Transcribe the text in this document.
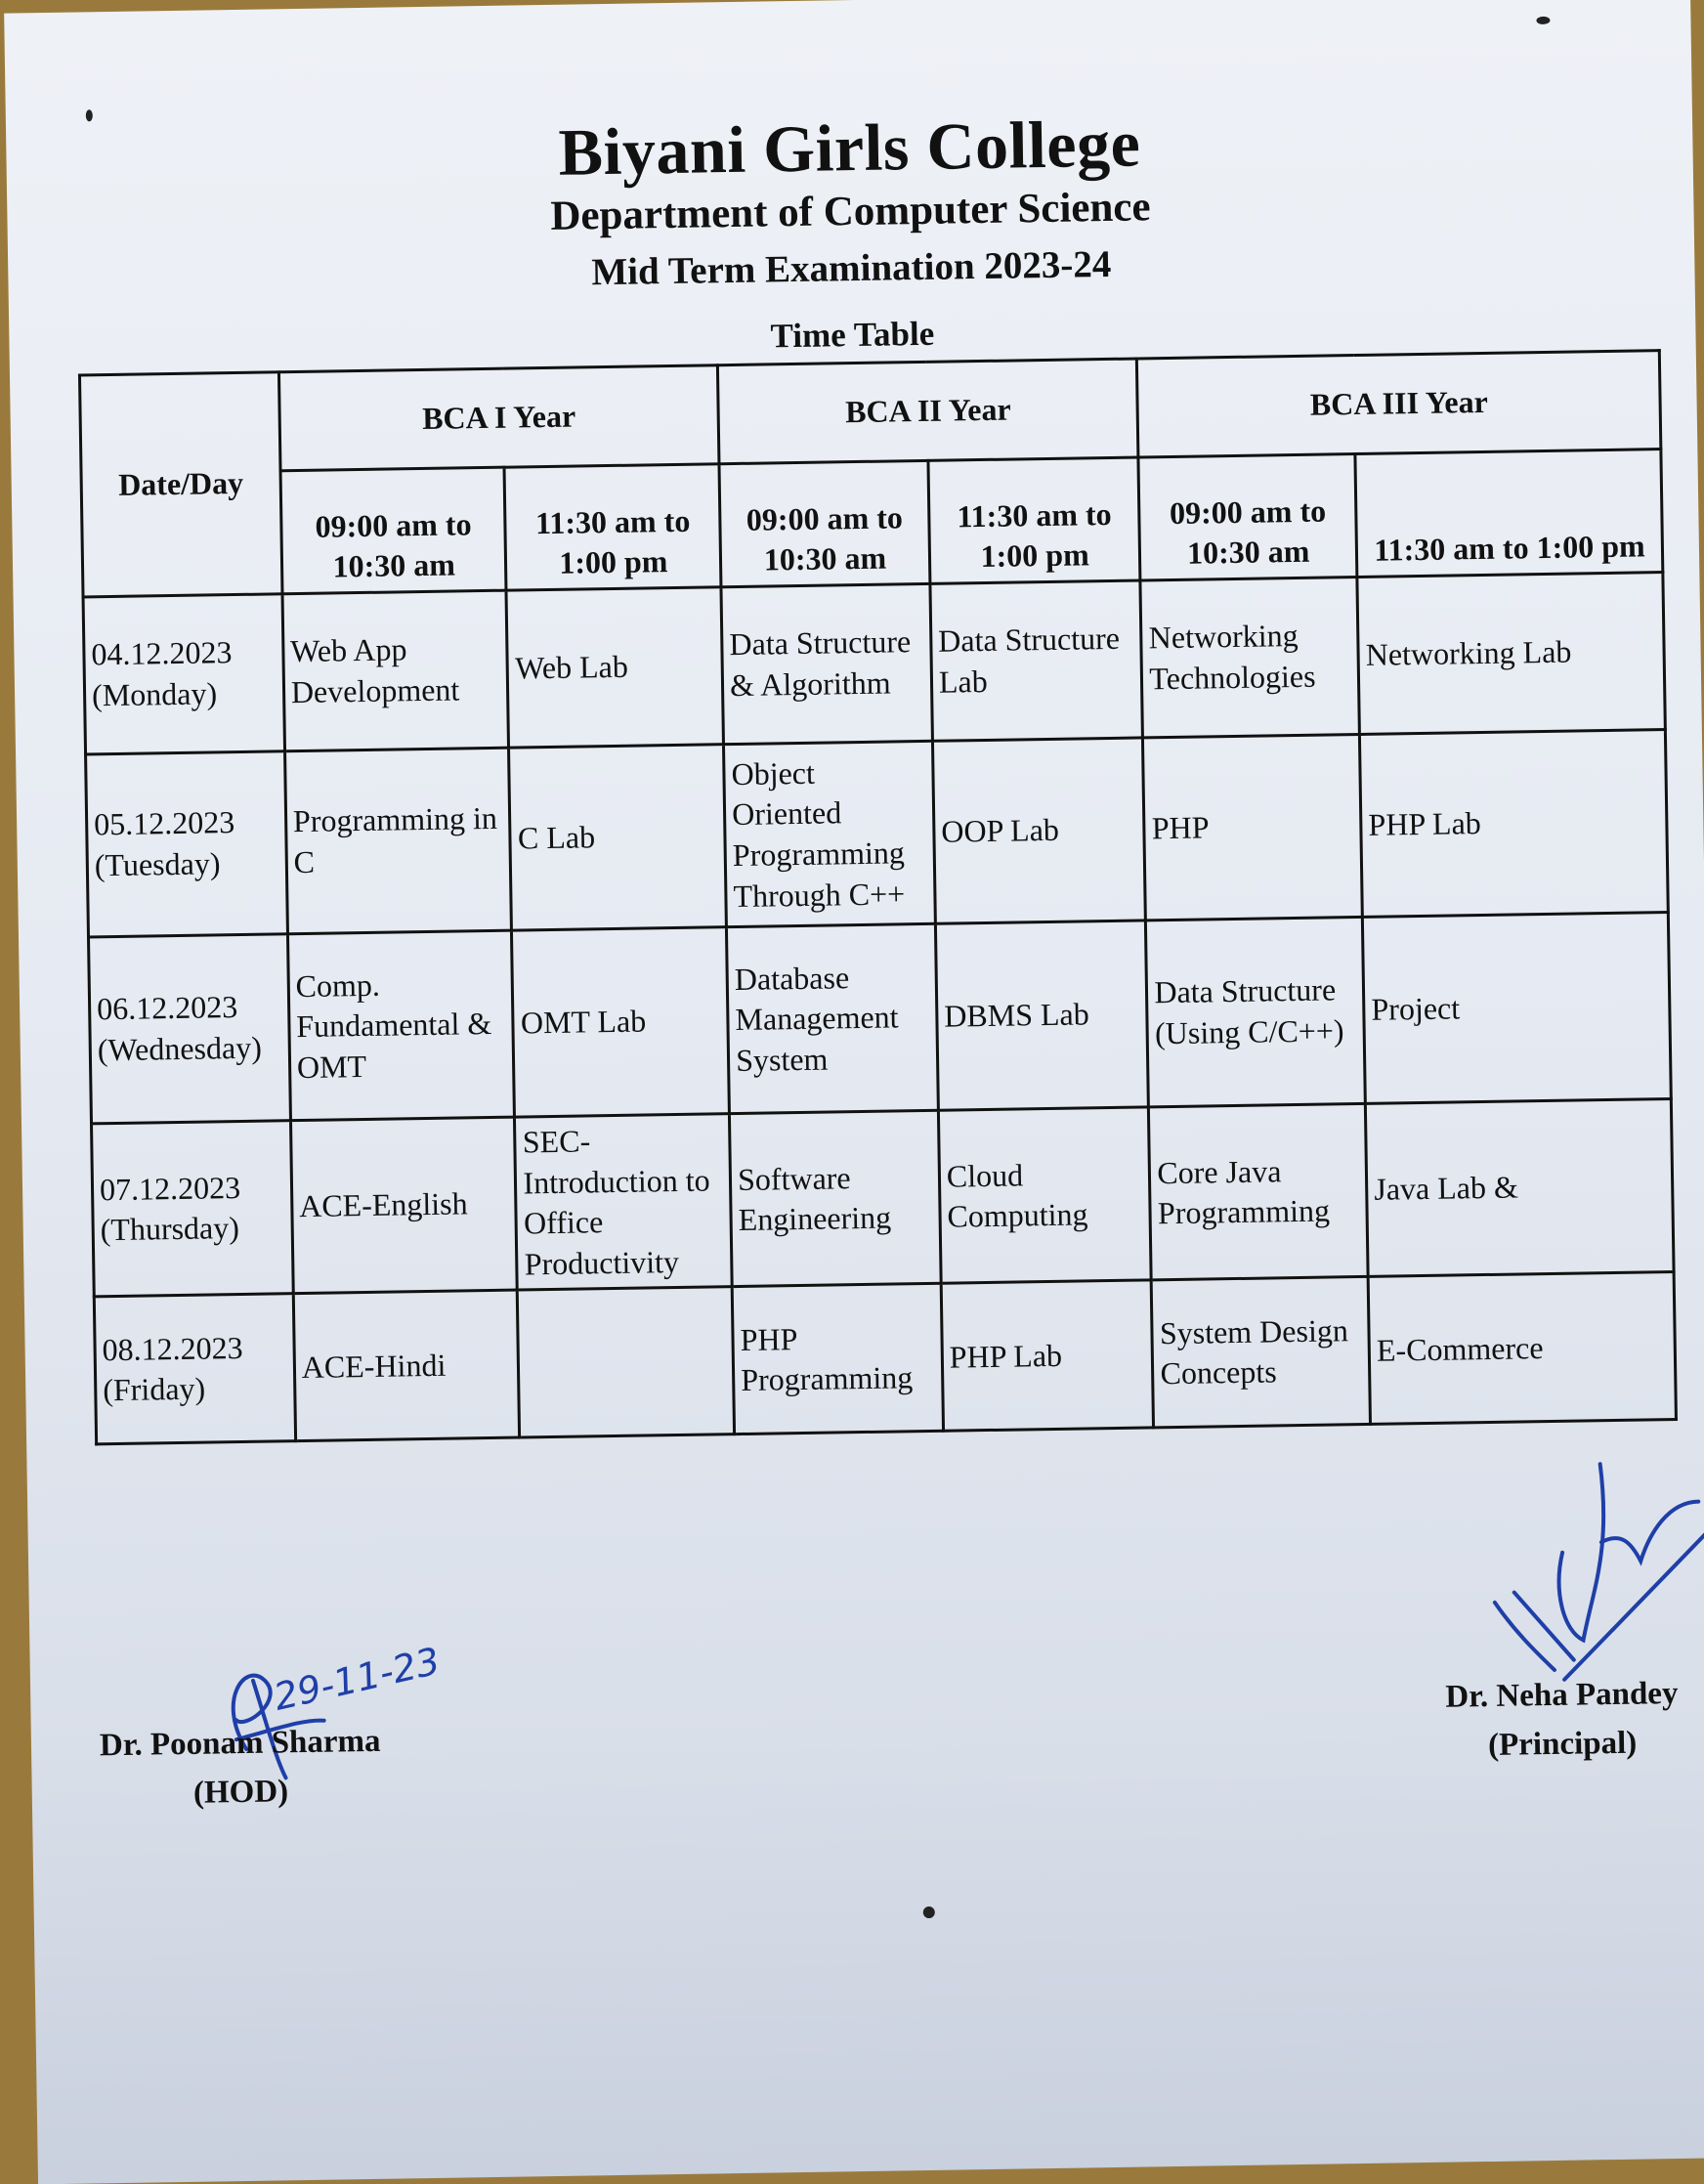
Biyani Girls College
Department of Computer Science
Mid Term Examination 2023-24
Time Table
Date/Day	BCA I Year		BCA II Year		BCA III Year	
	09:00 am to 10:30 am	11:30 am to 1:00 pm	09:00 am to 10:30 am	11:30 am to 1:00 pm	09:00 am to 10:30 am	11:30 am to 1:00 pm
04.12.2023
(Monday)	Web App Development	Web Lab	Data Structure & Algorithm	Data Structure Lab	Networking Technologies	Networking Lab
05.12.2023
(Tuesday)	Programming in C	C Lab	Object Oriented Programming Through C++	OOP Lab	PHP	PHP Lab
06.12.2023
(Wednesday)	Comp. Fundamental & OMT	OMT Lab	Database Management System	DBMS Lab	Data Structure (Using C/C++)	Project
07.12.2023
(Thursday)	ACE-English	SEC- Introduction to Office Productivity	Software Engineering	Cloud Computing	Core Java Programming	Java Lab &
08.12.2023
(Friday)	ACE-Hindi		PHP Programming	PHP Lab	System Design Concepts	E-Commerce
29-11-23
Dr. Poonam Sharma
(HOD)
Dr. Neha Pandey
(Principal)
